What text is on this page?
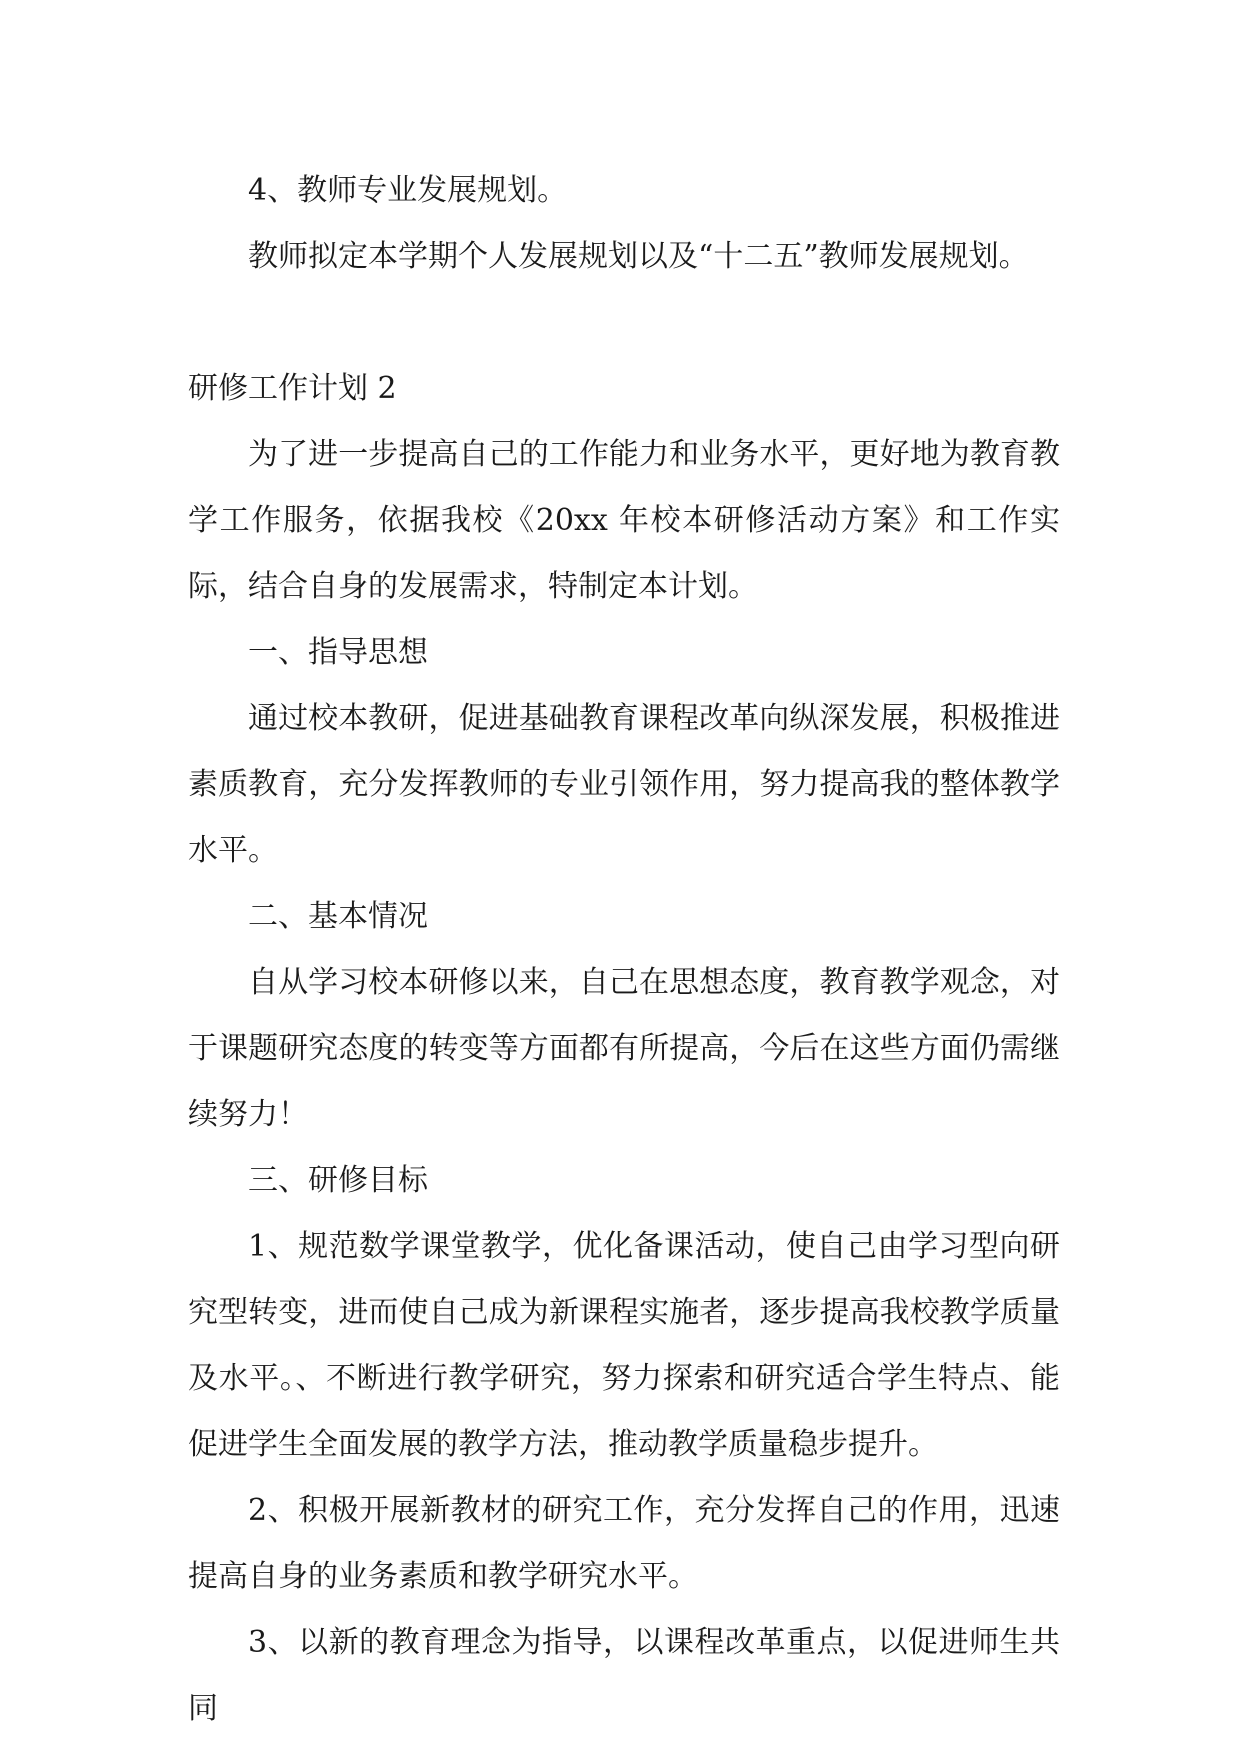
4、教师专业发展规划。

教师拟定本学期个人发展规划以及“十二五”教师发展规划。

研修工作计划 2

为了进一步提高自己的工作能力和业务水平，更好地为教育教学工作服务，依据我校《20xx 年校本研修活动方案》和工作实际，结合自身的发展需求，特制定本计划。

一、指导思想

通过校本教研，促进基础教育课程改革向纵深发展，积极推进素质教育，充分发挥教师的专业引领作用，努力提高我的整体教学水平。

二、基本情况

自从学习校本研修以来，自己在思想态度，教育教学观念，对于课题研究态度的转变等方面都有所提高，今后在这些方面仍需继续努力！

三、研修目标

1、规范数学课堂教学，优化备课活动，使自己由学习型向研究型转变，进而使自己成为新课程实施者，逐步提高我校教学质量及水平。、不断进行教学研究，努力探索和研究适合学生特点、能促进学生全面发展的教学方法，推动教学质量稳步提升。

2、积极开展新教材的研究工作，充分发挥自己的作用，迅速提高自身的业务素质和教学研究水平。

3、以新的教育理念为指导，以课程改革重点，以促进师生共同
